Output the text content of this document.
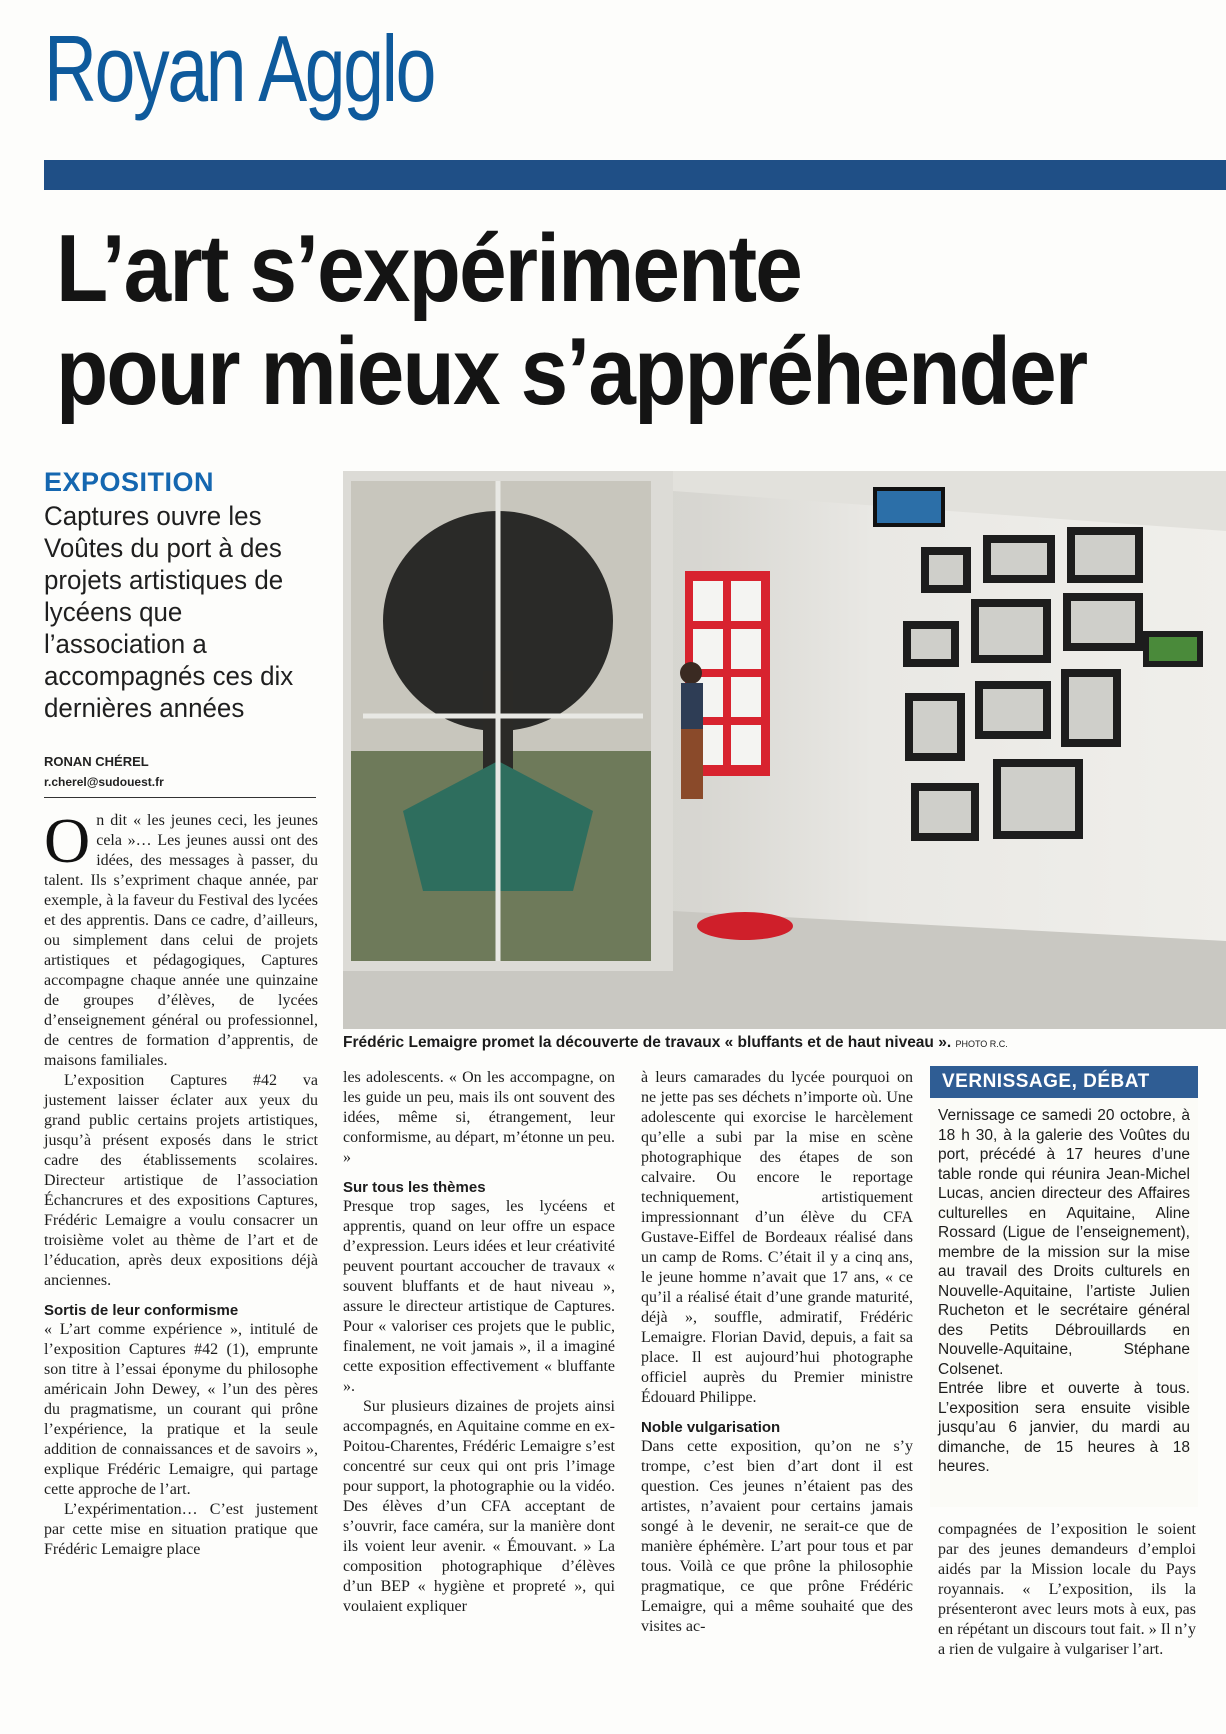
Royan Agglo
L’art s’expérimente
pour mieux s’appréhender
EXPOSITION
Captures ouvre les Voûtes du port à des projets artistiques de lycéens que l’association a accompagnés ces dix dernières années
RONAN CHÉREL
r.cherel@sudouest.fr
Frédéric Lemaigre promet la découverte de travaux « bluffants et de haut niveau ». PHOTO R.C.

On dit « les jeunes ceci, les jeunes cela »… Les jeunes aussi ont des idées, des messages à passer, du talent. Ils s’expriment chaque année, par exemple, à la faveur du Festival des lycées et des apprentis. Dans ce cadre, d’ailleurs, ou simplement dans celui de projets artistiques et pédagogiques, Captures accompagne chaque année une quinzaine de groupes d’élèves, de lycées d’enseignement général ou professionnel, de centres de formation d’apprentis, de maisons familiales.

L’exposition Captures #42 va justement laisser éclater aux yeux du grand public certains projets artistiques, jusqu’à présent exposés dans le strict cadre des établissements scolaires. Directeur artistique de l’association Échancrures et des expositions Captures, Frédéric Lemaigre a voulu consacrer un troisième volet au thème de l’art et de l’éducation, après deux expositions déjà anciennes.

Sortis de leur conformisme

« L’art comme expérience », intitulé de l’exposition Captures #42 (1), emprunte son titre à l’essai éponyme du philosophe américain John Dewey, « l’un des pères du pragmatisme, un courant qui prône l’expérience, la pratique et la seule addition de connaissances et de savoirs », explique Frédéric Lemaigre, qui partage cette approche de l’art.

L’expérimentation… C’est justement par cette mise en situation pratique que Frédéric Lemaigre place

les adolescents. « On les accompagne, on les guide un peu, mais ils ont souvent des idées, même si, étrangement, leur conformisme, au départ, m’étonne un peu. »

Sur tous les thèmes

Presque trop sages, les lycéens et apprentis, quand on leur offre un espace d’expression. Leurs idées et leur créativité peuvent pourtant accoucher de travaux « souvent bluffants et de haut niveau », assure le directeur artistique de Captures. Pour « valoriser ces projets que le public, finalement, ne voit jamais », il a imaginé cette exposition effectivement « bluffante ».

Sur plusieurs dizaines de projets ainsi accompagnés, en Aquitaine comme en ex-Poitou-Charentes, Frédéric Lemaigre s’est concentré sur ceux qui ont pris l’image pour support, la photographie ou la vidéo. Des élèves d’un CFA acceptant de s’ouvrir, face caméra, sur la manière dont ils voient leur avenir. « Émouvant. » La composition photographique d’élèves d’un BEP « hygiène et propreté », qui voulaient expliquer

à leurs camarades du lycée pourquoi on ne jette pas ses déchets n’importe où. Une adolescente qui exorcise le harcèlement qu’elle a subi par la mise en scène photographique des étapes de son calvaire. Ou encore le reportage techniquement, artistiquement impressionnant d’un élève du CFA Gustave-Eiffel de Bordeaux réalisé dans un camp de Roms. C’était il y a cinq ans, le jeune homme n’avait que 17 ans, « ce qu’il a réalisé était d’une grande maturité, déjà », souffle, admiratif, Frédéric Lemaigre. Florian David, depuis, a fait sa place. Il est aujourd’hui photographe officiel auprès du Premier ministre Édouard Philippe.

Noble vulgarisation

Dans cette exposition, qu’on ne s’y trompe, c’est bien d’art dont il est question. Ces jeunes n’étaient pas des artistes, n’avaient pour certains jamais songé à le devenir, ne serait-ce que de manière éphémère. L’art pour tous et par tous. Voilà ce que prône la philosophie pragmatique, ce que prône Frédéric Lemaigre, qui a même souhaité que des visites ac-

VERNISSAGE, DÉBAT

Vernissage ce samedi 20 octobre, à 18 h 30, à la galerie des Voûtes du port, précédé à 17 heures d’une table ronde qui réunira Jean-Michel Lucas, ancien directeur des Affaires culturelles en Aquitaine, Aline Rossard (Ligue de l’enseignement), membre de la mission sur la mise au travail des Droits culturels en Nouvelle-Aquitaine, l’artiste Julien Rucheton et le secrétaire général des Petits Débrouillards en Nouvelle-Aquitaine, Stéphane Colsenet.

Entrée libre et ouverte à tous. L’exposition sera ensuite visible jusqu’au 6 janvier, du mardi au dimanche, de 15 heures à 18 heures.

compagnées de l’exposition le soient par des jeunes demandeurs d’emploi aidés par la Mission locale du Pays royannais. « L’exposition, ils la présenteront avec leurs mots à eux, pas en répétant un discours tout fait. » Il n’y a rien de vulgaire à vulgariser l’art.
